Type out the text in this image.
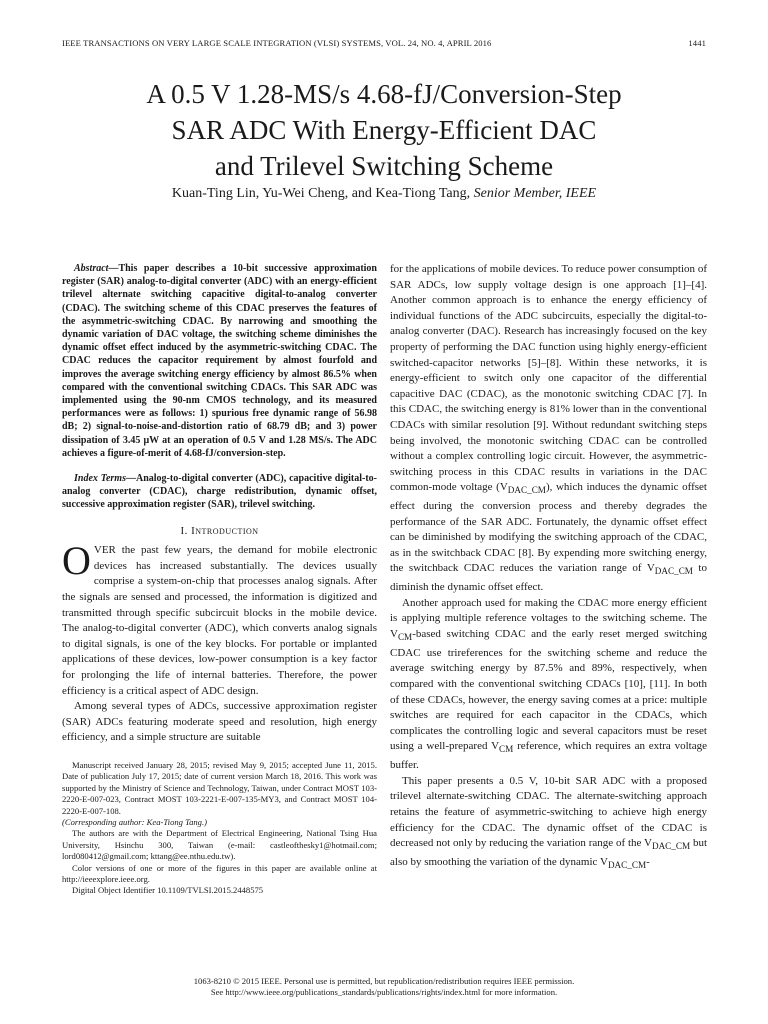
IEEE TRANSACTIONS ON VERY LARGE SCALE INTEGRATION (VLSI) SYSTEMS, VOL. 24, NO. 4, APRIL 2016	1441
A 0.5 V 1.28-MS/s 4.68-fJ/Conversion-Step
SAR ADC With Energy-Efficient DAC
and Trilevel Switching Scheme
Kuan-Ting Lin, Yu-Wei Cheng, and Kea-Tiong Tang, Senior Member, IEEE

Abstract—This paper describes a 10-bit successive approximation register (SAR) analog-to-digital converter (ADC) with an energy-efficient trilevel alternate switching capacitive digital-to-analog converter (CDAC). The switching scheme of this CDAC preserves the features of the asymmetric-switching CDAC. By narrowing and smoothing the dynamic variation of DAC voltage, the switching scheme diminishes the dynamic offset effect induced by the asymmetric-switching CDAC. The CDAC reduces the capacitor requirement by almost fourfold and improves the average switching energy efficiency by almost 86.5% when compared with the conventional switching CDACs. This SAR ADC was implemented using the 90-nm CMOS technology, and its measured performances were as follows: 1) spurious free dynamic range of 56.98 dB; 2) signal-to-noise-and-distortion ratio of 68.79 dB; and 3) power dissipation of 3.45 μW at an operation of 0.5 V and 1.28 MS/s. The ADC achieves a figure-of-merit of 4.68-fJ/conversion-step.

Index Terms—Analog-to-digital converter (ADC), capacitive digital-to-analog converter (CDAC), charge redistribution, dynamic offset, successive approximation register (SAR), trilevel switching.

I. Introduction

OVER the past few years, the demand for mobile electronic devices has increased substantially. The devices usually comprise a system-on-chip that processes analog signals. After the signals are sensed and processed, the information is digitized and transmitted through specific subcircuit blocks in the mobile device. The analog-to-digital converter (ADC), which converts analog signals to digital signals, is one of the key blocks. For portable or implanted applications of these devices, low-power consumption is a key factor for prolonging the life of internal batteries. Therefore, the power efficiency is a critical aspect of ADC design.

Among several types of ADCs, successive approximation register (SAR) ADCs featuring moderate speed and resolution, high energy efficiency, and a simple structure are suitable

Manuscript received January 28, 2015; revised May 9, 2015; accepted June 11, 2015. Date of publication July 17, 2015; date of current version March 18, 2016. This work was supported by the Ministry of Science and Technology, Taiwan, under Contract MOST 103-2220-E-007-023, Contract MOST 103-2221-E-007-135-MY3, and Contract MOST 104-2220-E-007-108.
(Corresponding author: Kea-Tiong Tang.)

The authors are with the Department of Electrical Engineering, National Tsing Hua University, Hsinchu 300, Taiwan (e-mail: castleofthesky1@hotmail.com; lord080412@gmail.com; kttang@ee.nthu.edu.tw).

Color versions of one or more of the figures in this paper are available online at http://ieeexplore.ieee.org.

Digital Object Identifier 10.1109/TVLSI.2015.2448575

for the applications of mobile devices. To reduce power consumption of SAR ADCs, low supply voltage design is one approach [1]–[4]. Another common approach is to enhance the energy efficiency of individual functions of the ADC subcircuits, especially the digital-to-analog converter (DAC). Research has increasingly focused on the key property of performing the DAC function using highly energy-efficient switched-capacitor networks [5]–[8]. Within these networks, it is energy-efficient to switch only one capacitor of the differential capacitive DAC (CDAC), as the monotonic switching CDAC [7]. In this CDAC, the switching energy is 81% lower than in the conventional CDACs with similar resolution [9]. Without redundant switching steps being involved, the monotonic switching CDAC can be controlled without a complex controlling logic circuit. However, the asymmetric-switching process in this CDAC results in variations in the DAC common-mode voltage $(V_{DAC\_CM})$, which induces the dynamic offset effect during the conversion process and thereby degrades the performance of the SAR ADC. Fortunately, the dynamic offset effect can be diminished by modifying the switching approach of the CDAC, as in the switchback CDAC [8]. By expending more switching energy, the switchback CDAC reduces the variation range of $V_{DAC\_CM}$ to diminish the dynamic offset effect.

Another approach used for making the CDAC more energy efficient is applying multiple reference voltages to the switching scheme. The $V_{CM}$-based switching CDAC and the early reset merged switching CDAC use trireferences for the switching scheme and reduce the average switching energy by 87.5% and 89%, respectively, when compared with the conventional switching CDACs [10], [11]. In both of these CDACs, however, the energy saving comes at a price: multiple switches are required for each capacitor in the CDACs, which complicates the controlling logic and several capacitors must be reset using a well-prepared $V_{CM}$ reference, which requires an extra voltage buffer.

This paper presents a 0.5 V, 10-bit SAR ADC with a proposed trilevel alternate-switching CDAC. The alternate-switching approach retains the feature of asymmetric-switching to achieve high energy efficiency for the CDAC. The dynamic offset of the CDAC is decreased not only by reducing the variation range of the $V_{DAC\_CM}$ but also by smoothing the variation of the dynamic $V_{DAC\_CM}-$

1063-8210 © 2015 IEEE. Personal use is permitted, but republication/redistribution requires IEEE permission.

See http://www.ieee.org/publications_standards/publications/rights/index.html for more information.
